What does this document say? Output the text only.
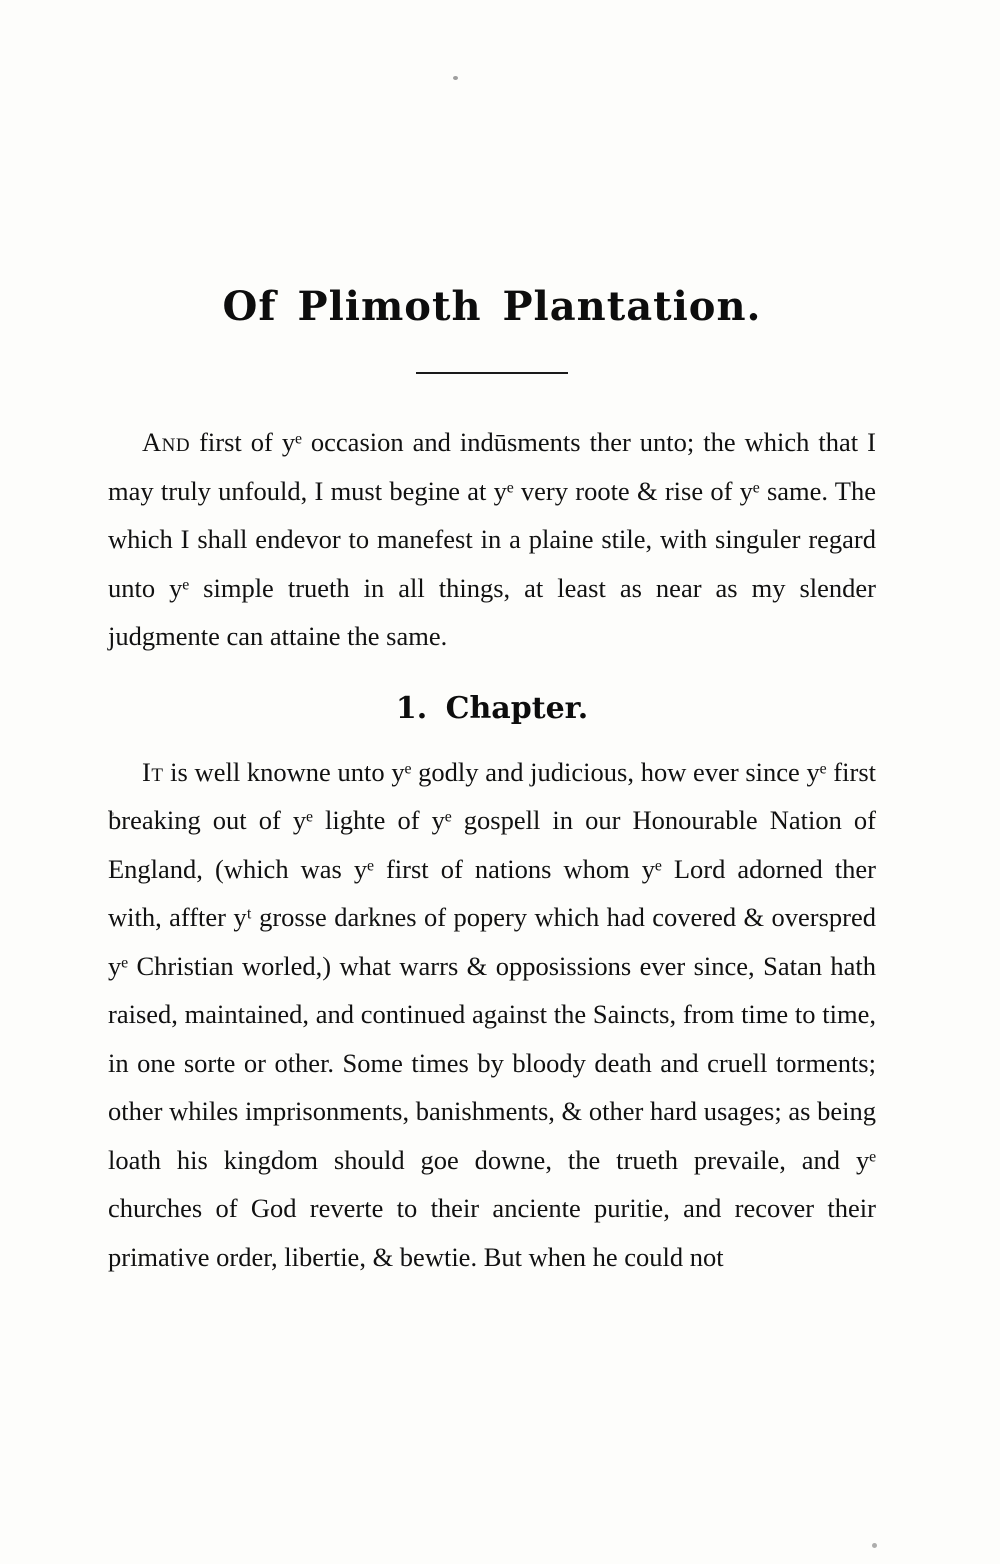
Of Plimoth Plantation.

And first of yᵉ occasion and indūsments ther unto; the which that I may truly unfould, I must begine at yᵉ very roote & rise of yᵉ same. The which I shall endevor to manefest in a plaine stile, with singuler regard unto yᵉ simple trueth in all things, at least as near as my slender judgmente can attaine the same.

1. Chapter.

It is well knowne unto yᵉ godly and judicious, how ever since yᵉ first breaking out of yᵉ lighte of yᵉ gospell in our Honourable Nation of England, (which was yᵉ first of nations whom yᵉ Lord adorned ther with, affter yᵗ grosse darknes of popery which had covered & overspred yᵉ Christian worled,) what warrs & opposissions ever since, Satan hath raised, maintained, and continued against the Saincts, from time to time, in one sorte or other. Some times by bloody death and cruell torments; other whiles imprisonments, banishments, & other hard usages; as being loath his kingdom should goe downe, the trueth prevaile, and yᵉ churches of God reverte to their anciente puritie, and recover their primative order, libertie, & bewtie. But when he could not
